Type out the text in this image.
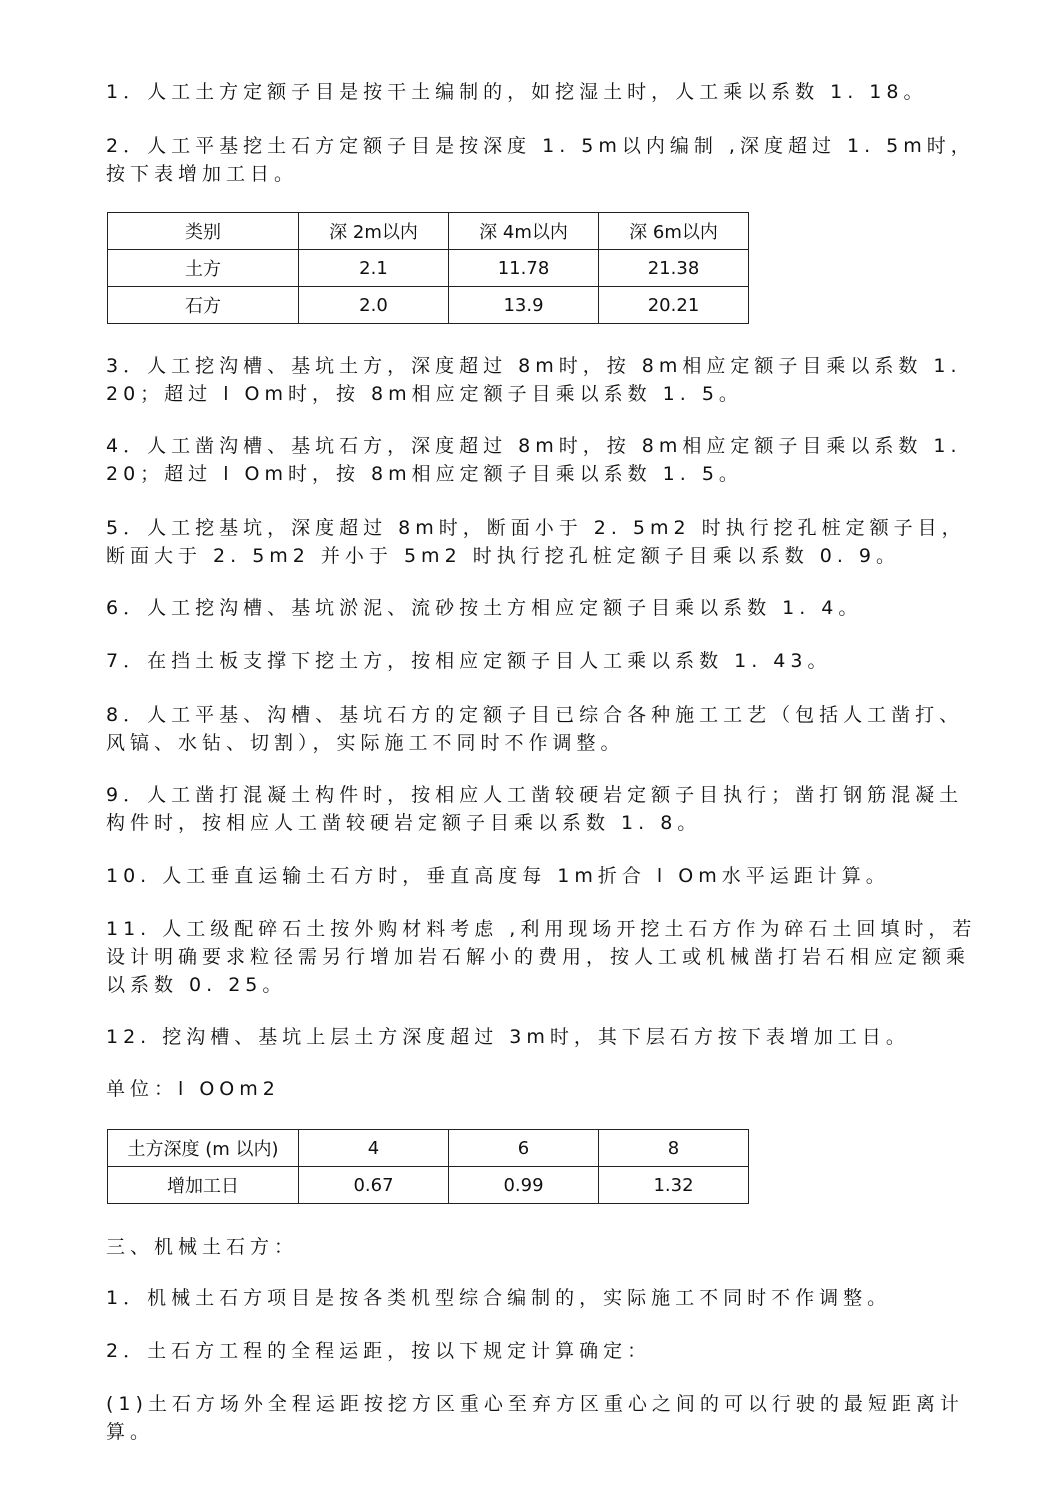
1．人工土方定额子目是按干土编制的，如挖湿土时，人工乘以系数 1. 18。

2．人工平基挖土石方定额子目是按深度 1. 5m以内编制 ,深度超过 1. 5m时，按下表增加工日。

类别	深 2m以内	深 4m以内	深 6m以内
土方	2.1	11.78	21.38
石方	2.0	13.9	20.21

3．人工挖沟槽、基坑土方，深度超过 8m时，按 8m相应定额子目乘以系数 1. 20；超过 l Om时，按 8m相应定额子目乘以系数 1. 5。

4．人工凿沟槽、基坑石方，深度超过 8m时，按 8m相应定额子目乘以系数 1. 20；超过 l Om时，按 8m相应定额子目乘以系数 1. 5。

5．人工挖基坑，深度超过 8m时，断面小于 2. 5m2 时执行挖孔桩定额子目，断面大于 2. 5m2 并小于 5m2 时执行挖孔桩定额子目乘以系数 0. 9。

6．人工挖沟槽、基坑淤泥、流砂按土方相应定额子目乘以系数 1. 4。

7．在挡土板支撑下挖土方，按相应定额子目人工乘以系数 1. 43。

8．人工平基、沟槽、基坑石方的定额子目已综合各种施工工艺（包括人工凿打、风镐、水钻、切割），实际施工不同时不作调整。

9．人工凿打混凝土构件时，按相应人工凿较硬岩定额子目执行；凿打钢筋混凝土构件时，按相应人工凿较硬岩定额子目乘以系数 1. 8。

10. 人工垂直运输土石方时，垂直高度每 1m折合 l Om水平运距计算。

11. 人工级配碎石土按外购材料考虑 ,利用现场开挖土石方作为碎石土回填时，若设计明确要求粒径需另行增加岩石解小的费用，按人工或机械凿打岩石相应定额乘以系数 0. 25。

12. 挖沟槽、基坑上层土方深度超过 3m时，其下层石方按下表增加工日。

单位：l OOm2

土方深度 (m 以内)	4	6	8
增加工日	0.67	0.99	1.32

三、机械土石方：

1．机械土石方项目是按各类机型综合编制的，实际施工不同时不作调整。

2．土石方工程的全程运距，按以下规定计算确定：

(1)土石方场外全程运距按挖方区重心至弃方区重心之间的可以行驶的最短距离计算。
